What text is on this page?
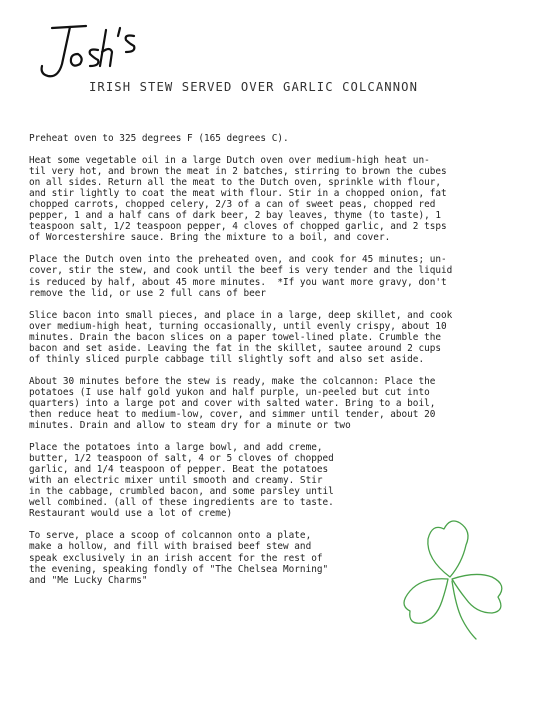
IRISH STEW SERVED OVER GARLIC COLCANNON

Preheat oven to 325 degrees F (165 degrees C).

Heat some vegetable oil in a large Dutch oven over medium-high heat un-
til very hot, and brown the meat in 2 batches, stirring to brown the cubes
on all sides. Return all the meat to the Dutch oven, sprinkle with flour,
and stir lightly to coat the meat with flour. Stir in a chopped onion, fat
chopped carrots, chopped celery, 2/3 of a can of sweet peas, chopped red
pepper, 1 and a half cans of dark beer, 2 bay leaves, thyme (to taste), 1
teaspoon salt, 1/2 teaspoon pepper, 4 cloves of chopped garlic, and 2 tsps
of Worcestershire sauce. Bring the mixture to a boil, and cover.

Place the Dutch oven into the preheated oven, and cook for 45 minutes; un-
cover, stir the stew, and cook until the beef is very tender and the liquid
is reduced by half, about 45 more minutes.  *If you want more gravy, don't
remove the lid, or use 2 full cans of beer

Slice bacon into small pieces, and place in a large, deep skillet, and cook
over medium-high heat, turning occasionally, until evenly crispy, about 10
minutes. Drain the bacon slices on a paper towel-lined plate. Crumble the
bacon and set aside. Leaving the fat in the skillet, sautee around 2 cups
of thinly sliced purple cabbage till slightly soft and also set aside.

About 30 minutes before the stew is ready, make the colcannon: Place the
potatoes (I use half gold yukon and half purple, un-peeled but cut into
quarters) into a large pot and cover with salted water. Bring to a boil,
then reduce heat to medium-low, cover, and simmer until tender, about 20
minutes. Drain and allow to steam dry for a minute or two

Place the potatoes into a large bowl, and add creme,
butter, 1/2 teaspoon of salt, 4 or 5 cloves of chopped
garlic, and 1/4 teaspoon of pepper. Beat the potatoes
with an electric mixer until smooth and creamy. Stir
in the cabbage, crumbled bacon, and some parsley until
well combined. (all of these ingredients are to taste.
Restaurant would use a lot of creme)

To serve, place a scoop of colcannon onto a plate,
make a hollow, and fill with braised beef stew and
speak exclusively in an irish accent for the rest of
the evening, speaking fondly of "The Chelsea Morning"
and "Me Lucky Charms"
